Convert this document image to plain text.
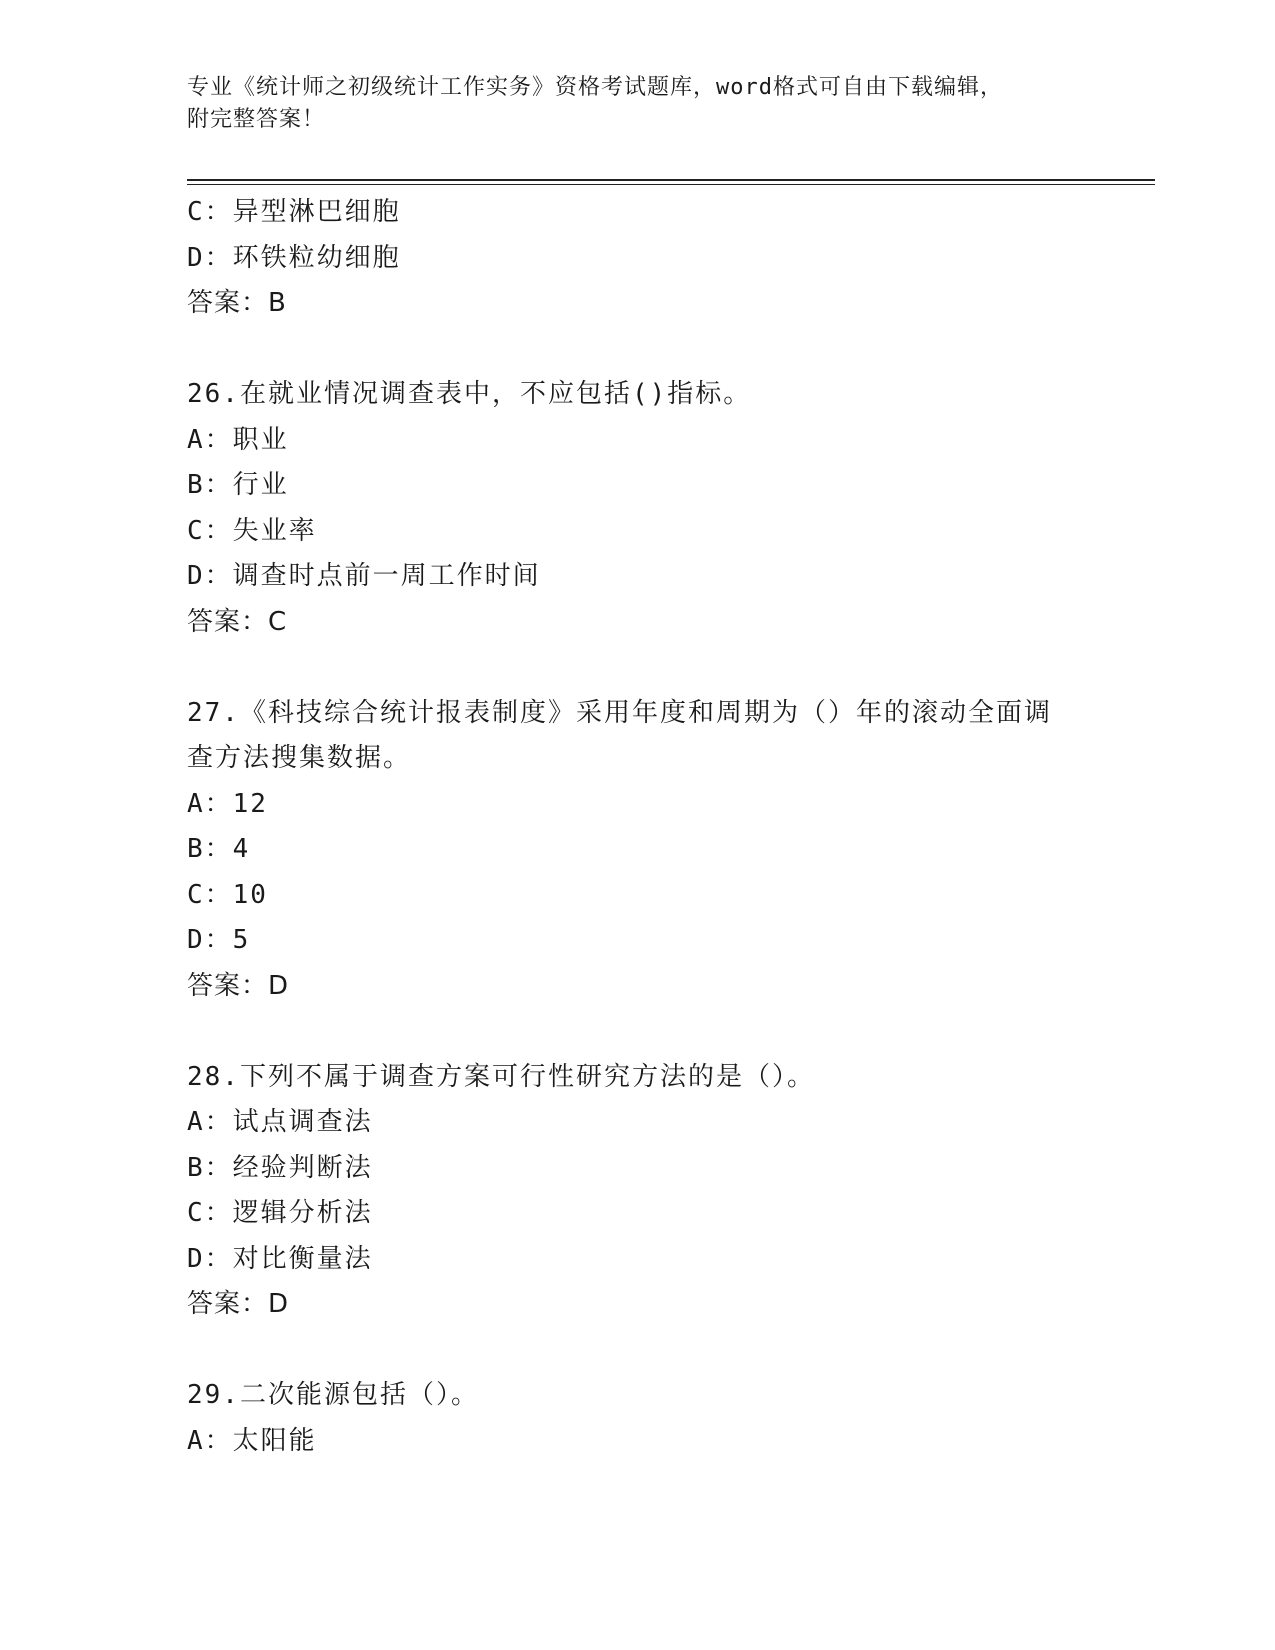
专业《统计师之初级统计工作实务》资格考试题库，word格式可自由下载编辑，
附完整答案！
C：异型淋巴细胞
D：环铁粒幼细胞
答案：B
26.在就业情况调查表中，不应包括()指标。
A：职业
B：行业
C：失业率
D：调查时点前一周工作时间
答案：C
27.《科技综合统计报表制度》采用年度和周期为（）年的滚动全面调
查方法搜集数据。
A：12
B：4
C：10
D：5
答案：D
28.下列不属于调查方案可行性研究方法的是（）。
A：试点调查法
B：经验判断法
C：逻辑分析法
D：对比衡量法
答案：D
29.二次能源包括（）。
A：太阳能
